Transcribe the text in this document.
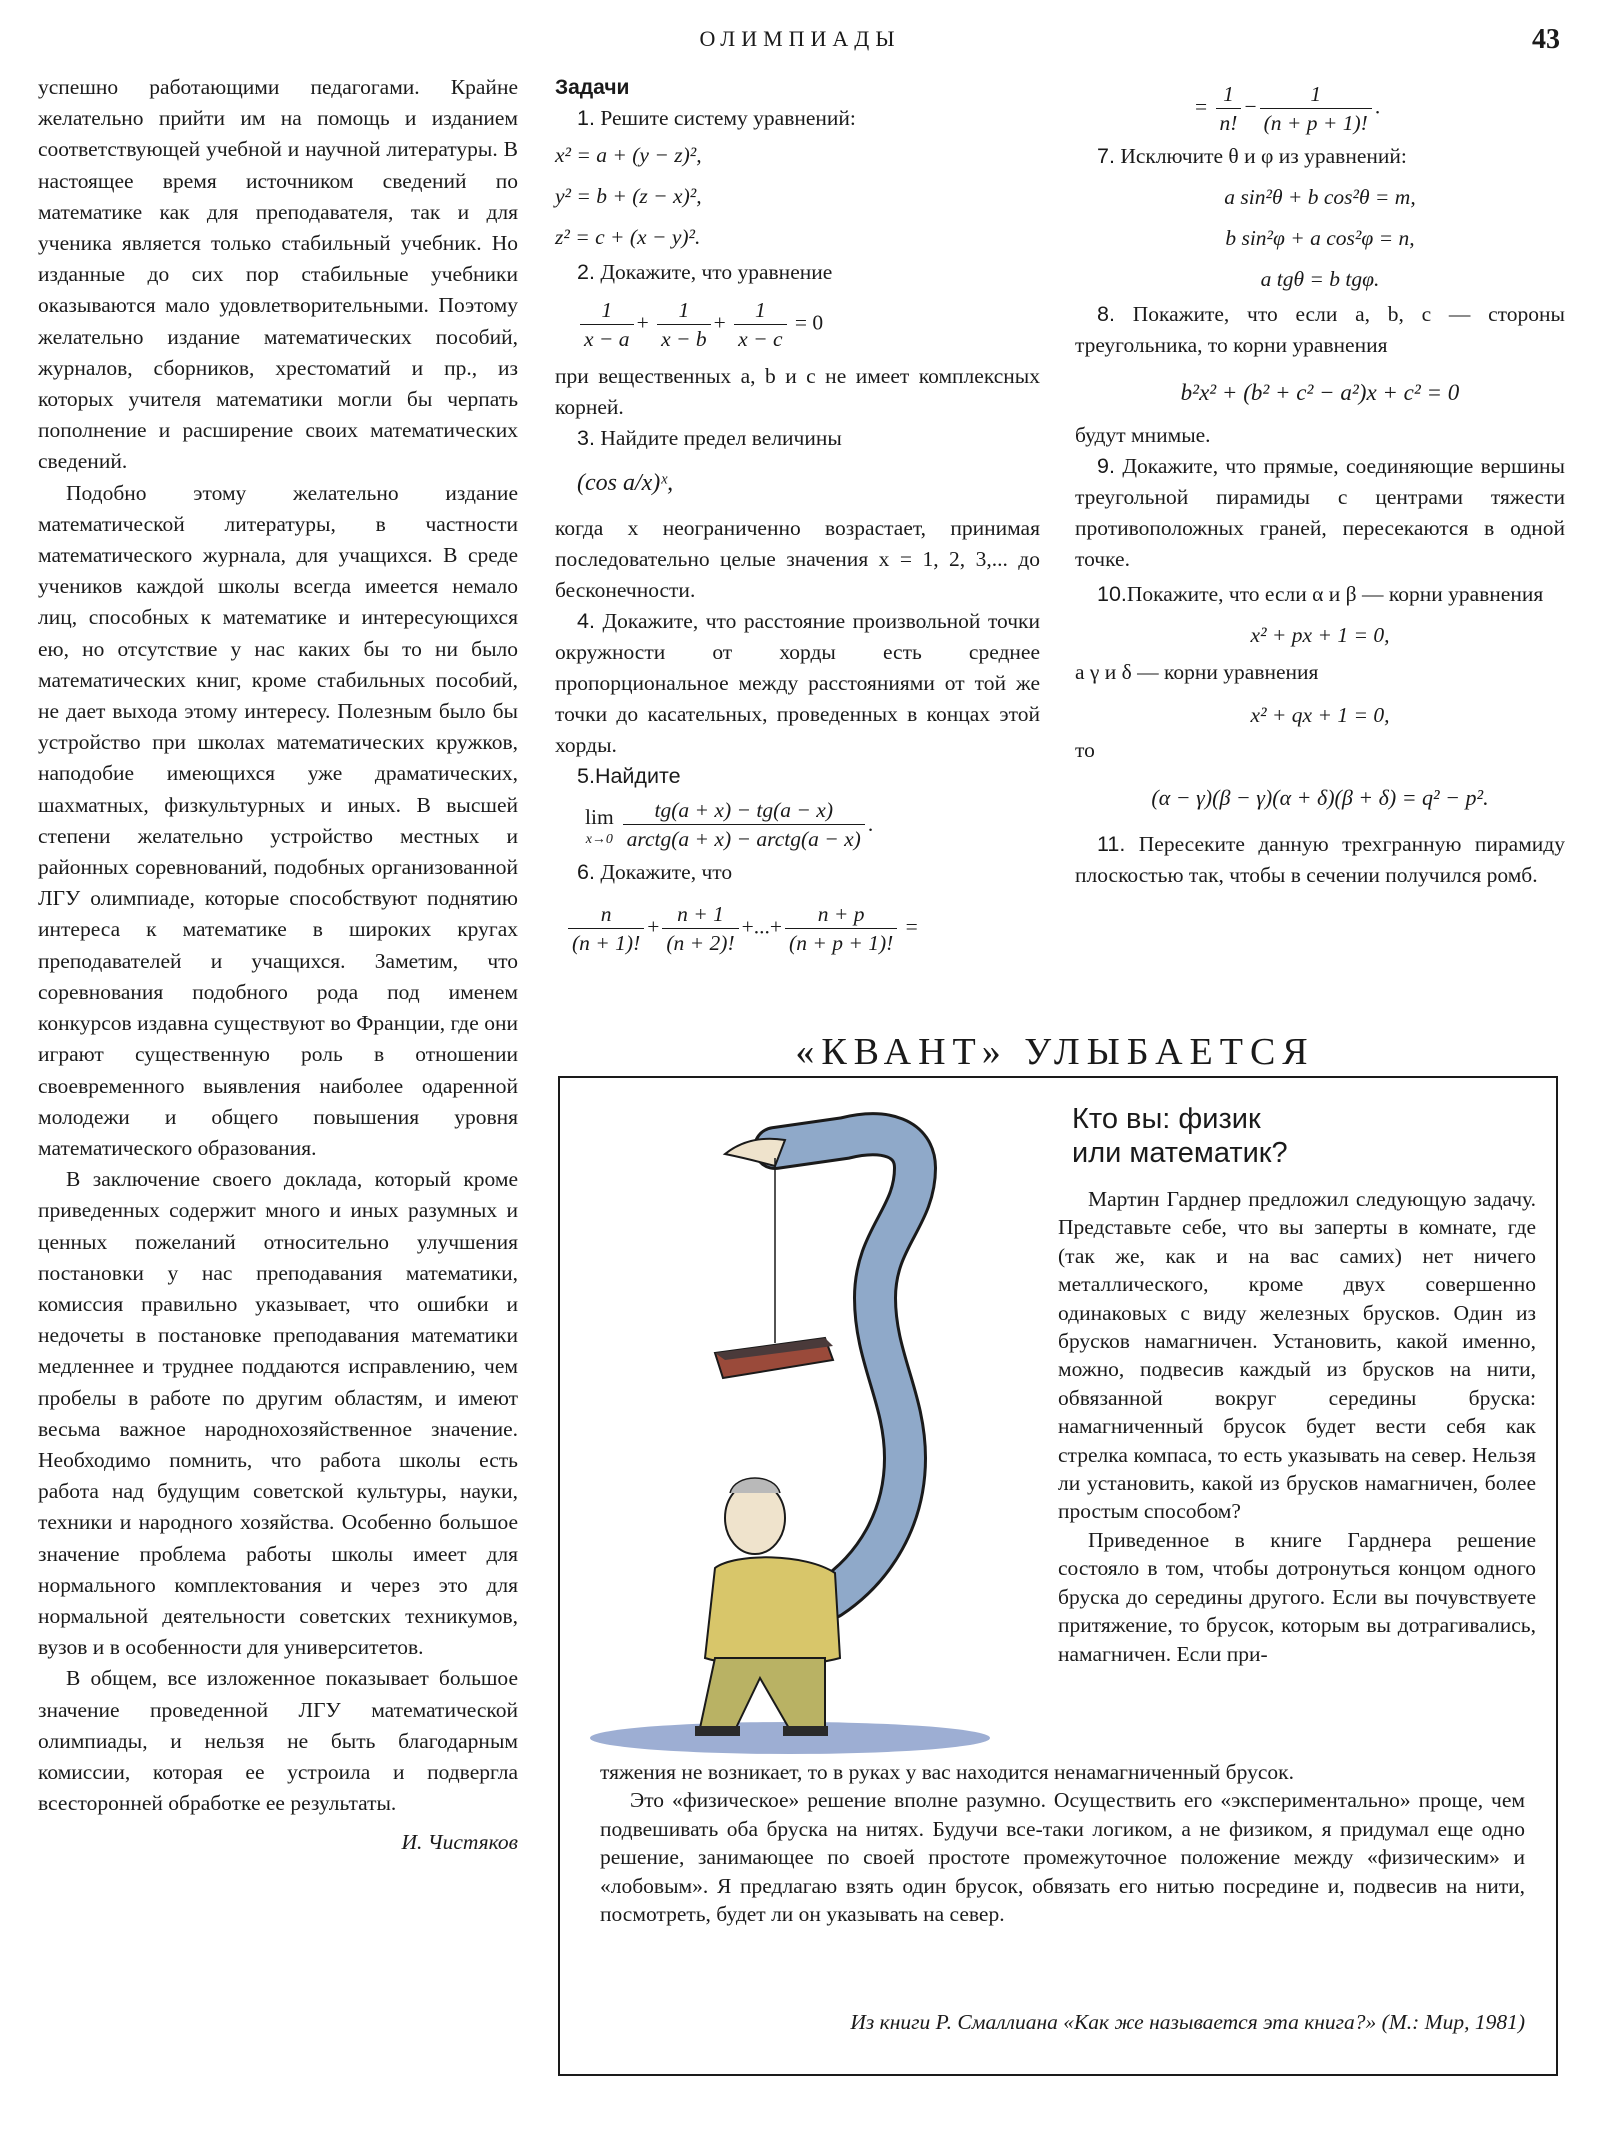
ОЛИМПИАДЫ	43

успешно работающими педагогами. Крайне желательно прийти им на помощь и изданием соответствующей учебной и научной литературы. В настоящее время источником сведений по математике как для преподавателя, так и для ученика является только стабильный учебник. Но изданные до сих пор стабильные учебники оказываются мало удовлетворительными. Поэтому желательно издание математических пособий, журналов, сборников, хрестоматий и пр., из которых учителя математики могли бы черпать пополнение и расширение своих математических сведений.

Подобно этому желательно издание математической литературы, в частности математического журнала, для учащихся. В среде учеников каждой школы всегда имеется немало лиц, способных к математике и интересующихся ею, но отсутствие у нас каких бы то ни было математических книг, кроме стабильных пособий, не дает выхода этому интересу. Полезным было бы устройство при школах математических кружков, наподобие имеющихся уже драматических, шахматных, физкультурных и иных. В высшей степени желательно устройство местных и районных соревнований, подобных организованной ЛГУ олимпиаде, которые способствуют поднятию интереса к математике в широких кругах преподавателей и учащихся. Заметим, что соревнования подобного рода под именем конкурсов издавна существуют во Франции, где они играют существенную роль в отношении своевременного выявления наиболее одаренной молодежи и общего повышения уровня математического образования.

В заключение своего доклада, который кроме приведенных содержит много и иных разумных и ценных пожеланий относительно улучшения постановки у нас преподавания математики, комиссия правильно указывает, что ошибки и недочеты в постановке преподавания математики медленнее и труднее поддаются исправлению, чем пробелы в работе по другим областям, и имеют весьма важное народнохозяйственное значение. Необходимо помнить, что работа школы есть работа над будущим советской культуры, науки, техники и народного хозяйства. Особенно большое значение проблема работы школы имеет для нормального комплектования и через это для нормальной деятельности советских техникумов, вузов и в особенности для университетов.

В общем, все изложенное показывает большое значение проведенной ЛГУ математической олимпиады, и нельзя не быть благодарным комиссии, которая ее устроила и подвергла всесторонней обработке ее результаты.

И. Чистяков

Задачи

1. Решите систему уравнений:

x² = a + (y − z)²,

y² = b + (z − x)²,

z² = c + (x − y)².

2. Докажите, что уравнение

$\frac{1}{x - a} + \frac{1}{x - b} + \frac{1}{x - c} = 0$

при вещественных a, b и c не имеет комплексных корней.

3. Найдите предел величины

(cos a/x)ˣ,

когда x неограниченно возрастает, принимая последовательно целые значения x = 1, 2, 3,... до бесконечности.

4. Докажите, что расстояние произвольной точки окружности от хорды есть среднее пропорциональное между расстояниями от той же точки до касательных, проведенных в концах этой хорды.

5.Найдите

lim
$x\to 0 \frac{tg(a + x) - tg(a - x)}{\text{arctg(a + x) − arctg(a − x)}}$ .

6. Докажите, что

$\frac{n}{(n + 1)!} + \frac{n + 1}{(n + 2)!}$ +...+ $\frac{n + p}{(n + p + 1)!}$ =
= $\frac{1}{n!} - \frac{1}{(n + p + 1)!}$ .

7. Исключите θ и φ из уравнений:

a sin²θ + b cos²θ = m,

b sin²φ + a cos²φ = n,

a tgθ = b tgφ.

8. Покажите, что если a, b, c — стороны треугольника, то корни уравнения

b²x² + (b² + c² − a²)x + c² = 0

будут мнимые.

9. Докажите, что прямые, соединяющие вершины треугольной пирамиды с центрами тяжести противоположных граней, пересекаются в одной точке.

10.Покажите, что если α и β — корни уравнения

x² + px + 1 = 0,

а γ и δ — корни уравнения

x² + qx + 1 = 0,

то

(α − γ)(β − γ)(α + δ)(β + δ) = q² − p².

11. Пересеките данную трехгранную пирамиду плоскостью так, чтобы в сечении получился ромб.

«КВАНТ» УЛЫБАЕТСЯ
Кто вы: физик
или математик?

Мартин Гарднер предложил следующую задачу. Представьте себе, что вы заперты в комнате, где (так же, как и на вас самих) нет ничего металлического, кроме двух совершенно одинаковых с виду железных брусков. Один из брусков намагничен. Установить, какой именно, можно, подвесив каждый из брусков на нити, обвязанной вокруг середины бруска: намагниченный брусок будет вести себя как стрелка компаса, то есть указывать на север. Нельзя ли установить, какой из брусков намагничен, более простым способом?

Приведенное в книге Гарднера решение состояло в том, чтобы дотронуться концом одного бруска до середины другого. Если вы почувствуете притяжение, то брусок, которым вы дотрагивались, намагничен. Если при-

тяжения не возникает, то в руках у вас находится ненамагниченный брусок.

Это «физическое» решение вполне разумно. Осуществить его «экспериментально» проще, чем подвешивать оба бруска на нитях. Будучи все-таки логиком, а не физиком, я придумал еще одно решение, занимающее по своей простоте промежуточное положение между «физическим» и «лобовым». Я предлагаю взять один брусок, обвязать его нитью посредине и, подвесив на нити, посмотреть, будет ли он указывать на север.

Из книги Р. Смаллиана «Как же называется эта книга?» (М.: Мир, 1981)
